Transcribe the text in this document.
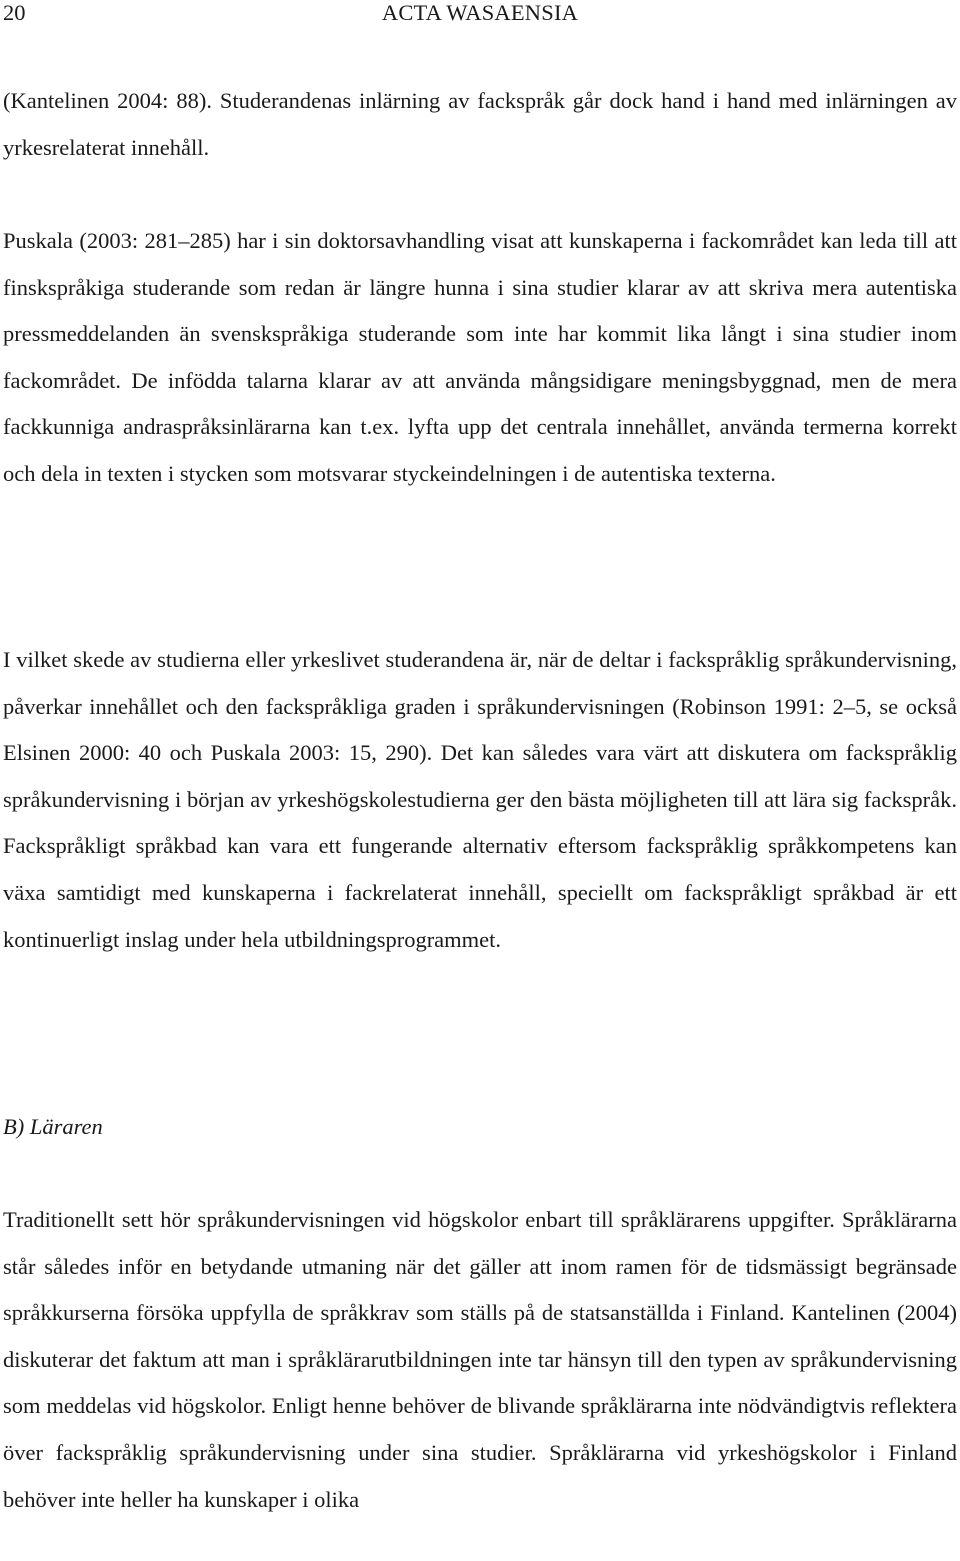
20	ACTA WASAENSIA

(Kantelinen 2004: 88). Studerandenas inlärning av fackspråk går dock hand i hand med inlärningen av yrkesrelaterat innehåll.

Puskala (2003: 281–285) har i sin doktorsavhandling visat att kunskaperna i fackområdet kan leda till att finskspråkiga studerande som redan är längre hunna i sina studier klarar av att skriva mera autentiska pressmeddelanden än svenskspråkiga studerande som inte har kommit lika långt i sina studier inom fackområdet. De infödda talarna klarar av att använda mångsidigare meningsbyggnad, men de mera fackkunniga andraspråksinlärarna kan t.ex. lyfta upp det centrala innehållet, använda termerna korrekt och dela in texten i stycken som motsvarar styckeindelningen i de autentiska texterna.

I vilket skede av studierna eller yrkeslivet studerandena är, när de deltar i fackspråklig språkundervisning, påverkar innehållet och den fackspråkliga graden i språkundervisningen (Robinson 1991: 2–5, se också Elsinen 2000: 40 och Puskala 2003: 15, 290). Det kan således vara värt att diskutera om fackspråklig språkundervisning i början av yrkeshögskolestudierna ger den bästa möjligheten till att lära sig fackspråk. Fackspråkligt språkbad kan vara ett fungerande alternativ eftersom fackspråklig språkkompetens kan växa samtidigt med kunskaperna i fackrelaterat innehåll, speciellt om fackspråkligt språkbad är ett kontinuerligt inslag under hela utbildningsprogrammet.

B) Läraren

Traditionellt sett hör språkundervisningen vid högskolor enbart till språklärarens uppgifter. Språklärarna står således inför en betydande utmaning när det gäller att inom ramen för de tidsmässigt begränsade språkkurserna försöka uppfylla de språkkrav som ställs på de statsanställda i Finland. Kantelinen (2004) diskuterar det faktum att man i språklärarutbildningen inte tar hänsyn till den typen av språkundervisning som meddelas vid högskolor. Enligt henne behöver de blivande språklärarna inte nödvändigtvis reflektera över fackspråklig språkundervisning under sina studier. Språklärarna vid yrkeshögskolor i Finland behöver inte heller ha kunskaper i olika
